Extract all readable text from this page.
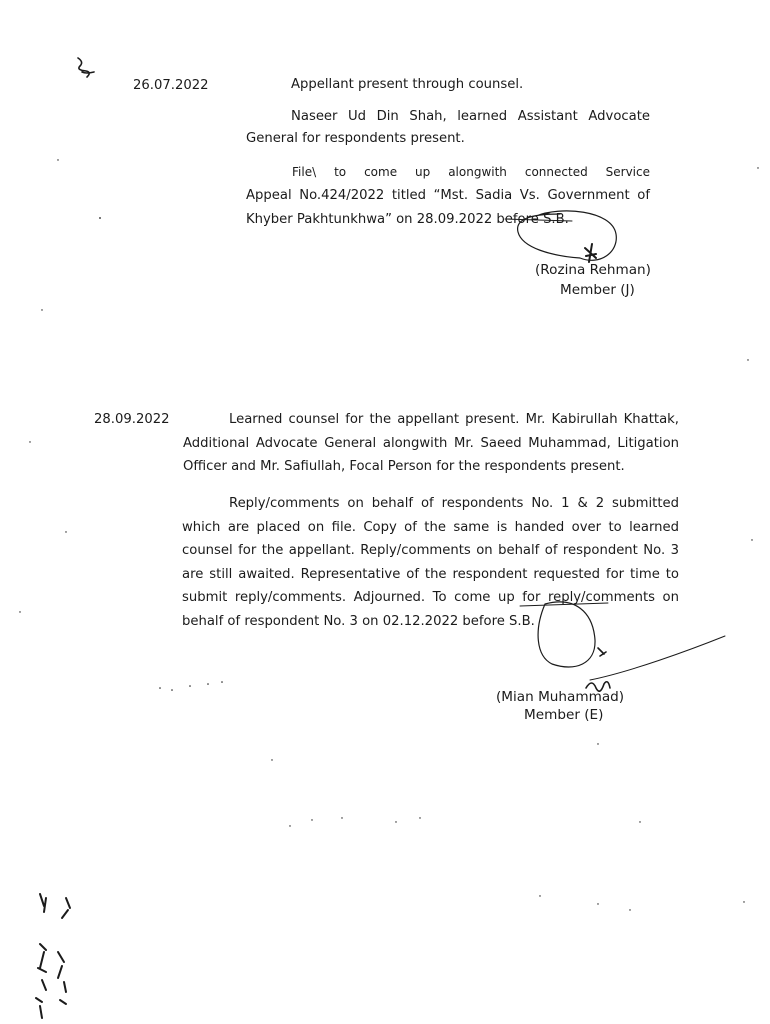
26.07.2022	Appellant present through counsel.
Naseer Ud Din Shah, learned Assistant Advocate
General for respondents present.
File\ to come up alongwith connected Service
Appeal No.424/2022 titled “Mst. Sadia Vs. Government of
Khyber Pakhtunkhwa” on 28.09.2022 before S.B.
(Rozina Rehman)
Member (J)
28.09.2022	Learned counsel for the appellant present. Mr. Kabirullah Khattak,
Additional Advocate General alongwith Mr. Saeed Muhammad, Litigation
Officer and Mr. Safiullah, Focal Person for the respondents present.
Reply/comments on behalf of respondents No. 1 & 2 submitted
which are placed on file. Copy of the same is handed over to learned
counsel for the appellant. Reply/comments on behalf of respondent No. 3
are still awaited. Representative of the respondent requested for time to
submit reply/comments. Adjourned. To come up for reply/comments on
behalf of respondent No. 3 on 02.12.2022 before S.B.
(Mian Muhammad)
Member (E)
